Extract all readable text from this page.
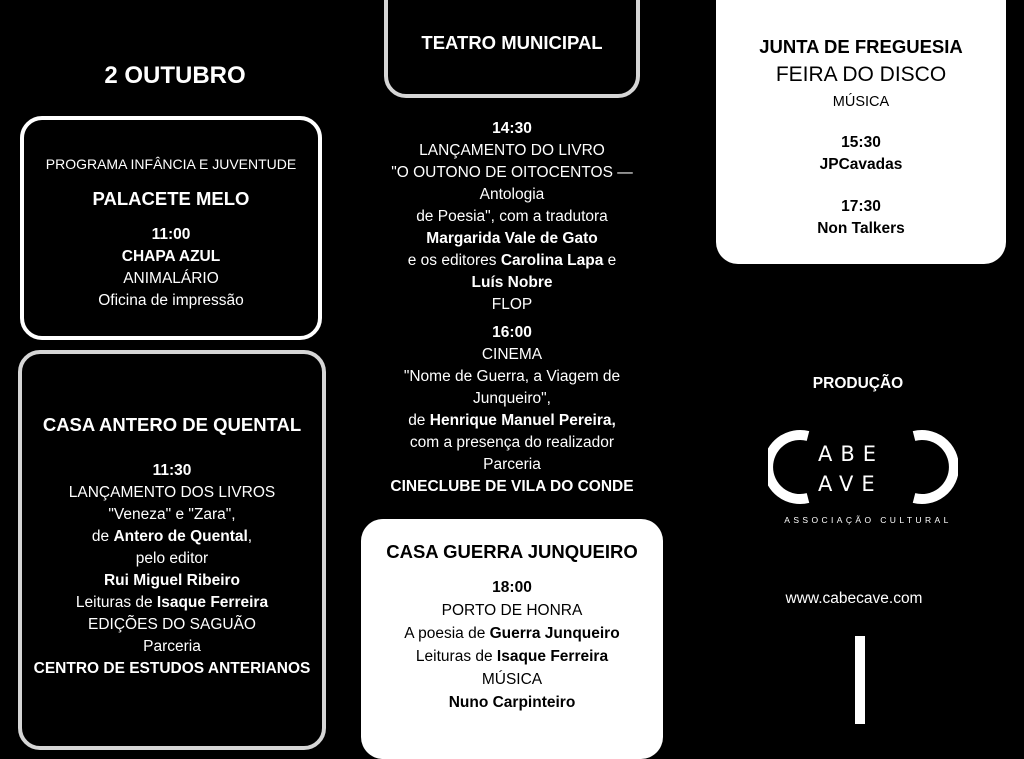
2 OUTUBRO
PROGRAMA INFÂNCIA E JUVENTUDE
PALACETE MELO
11:00
CHAPA AZUL
ANIMALÁRIO
Oficina de impressão
CASA ANTERO DE QUENTAL
11:30
LANÇAMENTO DOS LIVROS
"Veneza" e "Zara",
de Antero de Quental,
pelo editor
Rui Miguel Ribeiro
Leituras de Isaque Ferreira
EDIÇÕES DO SAGUÃO
Parceria
CENTRO DE ESTUDOS ANTERIANOS
TEATRO MUNICIPAL
14:30
LANÇAMENTO DO LIVRO
"O OUTONO DE OITOCENTOS —
Antologia
de Poesia", com a tradutora
Margarida Vale de Gato
e os editores Carolina Lapa e
Luís Nobre
FLOP
16:00
CINEMA
"Nome de Guerra, a Viagem de
Junqueiro",
de Henrique Manuel Pereira,
com a presença do realizador
Parceria
CINECLUBE DE VILA DO CONDE
CASA GUERRA JUNQUEIRO
18:00
PORTO DE HONRA
A poesia de Guerra Junqueiro
Leituras de Isaque Ferreira
MÚSICA
Nuno Carpinteiro
JUNTA DE FREGUESIA
FEIRA DO DISCO
MÚSICA
15:30
JPCavadas
17:30
Non Talkers
PRODUÇÃO
ABE
AVE
ASSOCIAÇÃO CULTURAL
www.cabecave.com
